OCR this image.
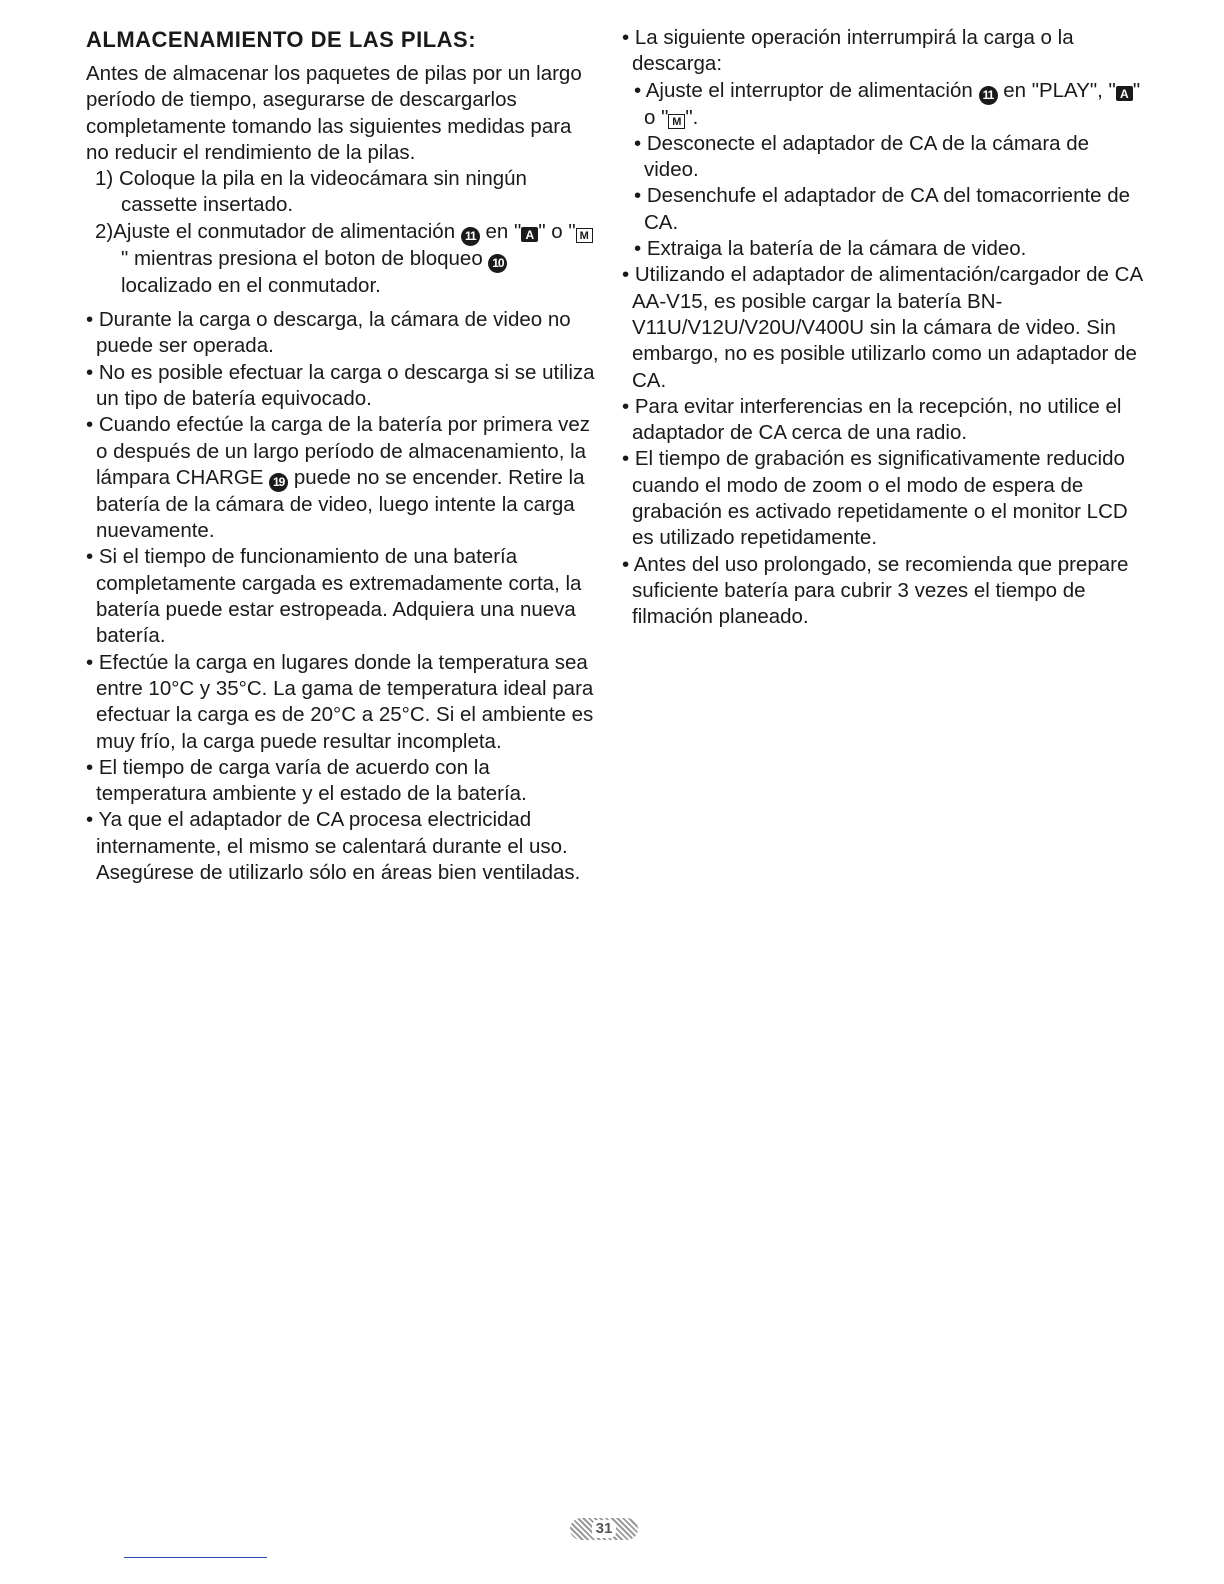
ALMACENAMIENTO DE LAS PILAS:

Antes de almacenar los paquetes de pilas por un largo período de tiempo, asegurarse de descargarlos completamente tomando las siguientes medidas para no reducir el rendimiento de la pilas.

1) Coloque la pila en la videocámara sin ningún cassette insertado.

2)Ajuste el conmutador de alimentación 11 en " A " o " M" mientras presiona el boton de bloqueo 10 localizado en el conmutador.

• Durante la carga o descarga, la cámara de video no puede ser operada.

• No es posible efectuar la carga o descarga si se utiliza un tipo de batería equivocado.

• Cuando efectúe la carga de la batería por primera vez o después de un largo período de almacenamiento, la lámpara CHARGE 19 puede no se encender. Retire la batería de la cámara de video, luego intente la carga nuevamente.

• Si el tiempo de funcionamiento de una batería completamente cargada es extremadamente corta, la batería puede estar estropeada. Adquiera una nueva batería.

• Efectúe la carga en lugares donde la temperatura sea entre 10°C y 35°C. La gama de temperatura ideal para efectuar la carga es de 20°C a 25°C. Si el ambiente es muy frío, la carga puede resultar incompleta.

• El tiempo de carga varía de acuerdo con la temperatura ambiente y el estado de la batería.

• Ya que el adaptador de CA procesa electricidad internamente, el mismo se calentará durante el uso. Asegúrese de utilizarlo sólo en áreas bien ventiladas.

• La siguiente operación interrumpirá la carga o la descarga:

• Ajuste el interruptor de alimentación 11 en "PLAY", " A " o " M ".

• Desconecte el adaptador de CA de la cámara de video.

• Desenchufe el adaptador de CA del tomacorriente de CA.

• Extraiga la batería de la cámara de video.

• Utilizando el adaptador de alimentación/cargador de CA AA-V15, es posible cargar la batería BN-V11U/V12U/V20U/V400U sin la cámara de video. Sin embargo, no es posible utilizarlo como un adaptador de CA.

• Para evitar interferencias en la recepción, no utilice el adaptador de CA cerca de una radio.

• El tiempo de grabación es significativamente reducido cuando el modo de zoom o el modo de espera de grabación es activado repetidamente o el monitor LCD es utilizado repetidamente.

• Antes del uso prolongado, se recomienda que prepare suficiente batería para cubrir 3 vezes el tiempo de filmación planeado.

31
